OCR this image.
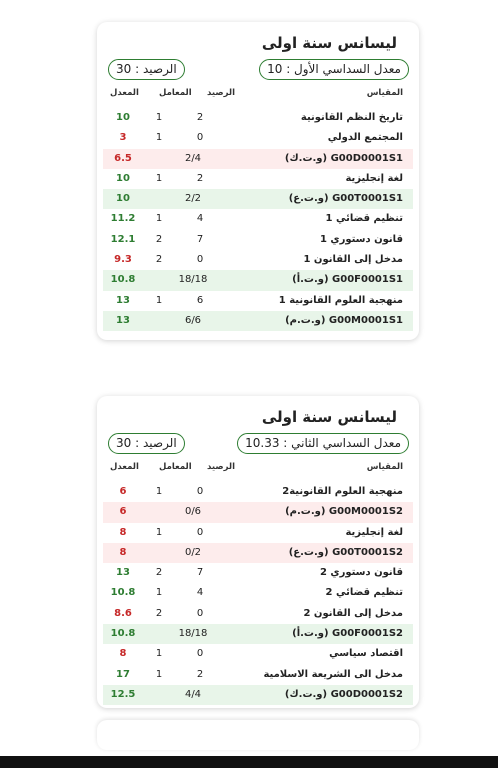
ليسانس سنة اولى
معدل السداسي الأول : 10
الرصيد : 30
المقياس
الرصيد
المعامل
المعدل
تاريخ النظم القانونية
2
1
10
المجتمع الدولي
0
1
3
G00D0001S1 (و.ت.ك)
2/4
6.5
لغة إنجليزية
2
1
10
G00T0001S1 (و.ت.ع)
2/2
10
تنظيم قضائي 1
4
1
11.2
قانون دستوري 1
7
2
12.1
مدخل إلى القانون 1
0
2
9.3
G00F0001S1 (و.ت.أ)
18/18
10.8
منهجية العلوم القانونية 1
6
1
13
G00M0001S1 (و.ت.م)
6/6
13
ليسانس سنة اولى
معدل السداسي الثاني : 10.33
الرصيد : 30
المقياس
الرصيد
المعامل
المعدل
منهجية العلوم القانونية2
0
1
6
G00M0001S2 (و.ت.م)
0/6
6
لغة إنجليزية
0
1
8
G00T0001S2 (و.ت.ع)
0/2
8
قانون دستوري 2
7
2
13
تنظيم قضائي 2
4
1
10.8
مدخل إلى القانون 2
0
2
8.6
G00F0001S2 (و.ت.أ)
18/18
10.8
اقتصاد سياسي
0
1
8
مدخل الى الشريعة الاسلامية
2
1
17
G00D0001S2 (و.ت.ك)
4/4
12.5
